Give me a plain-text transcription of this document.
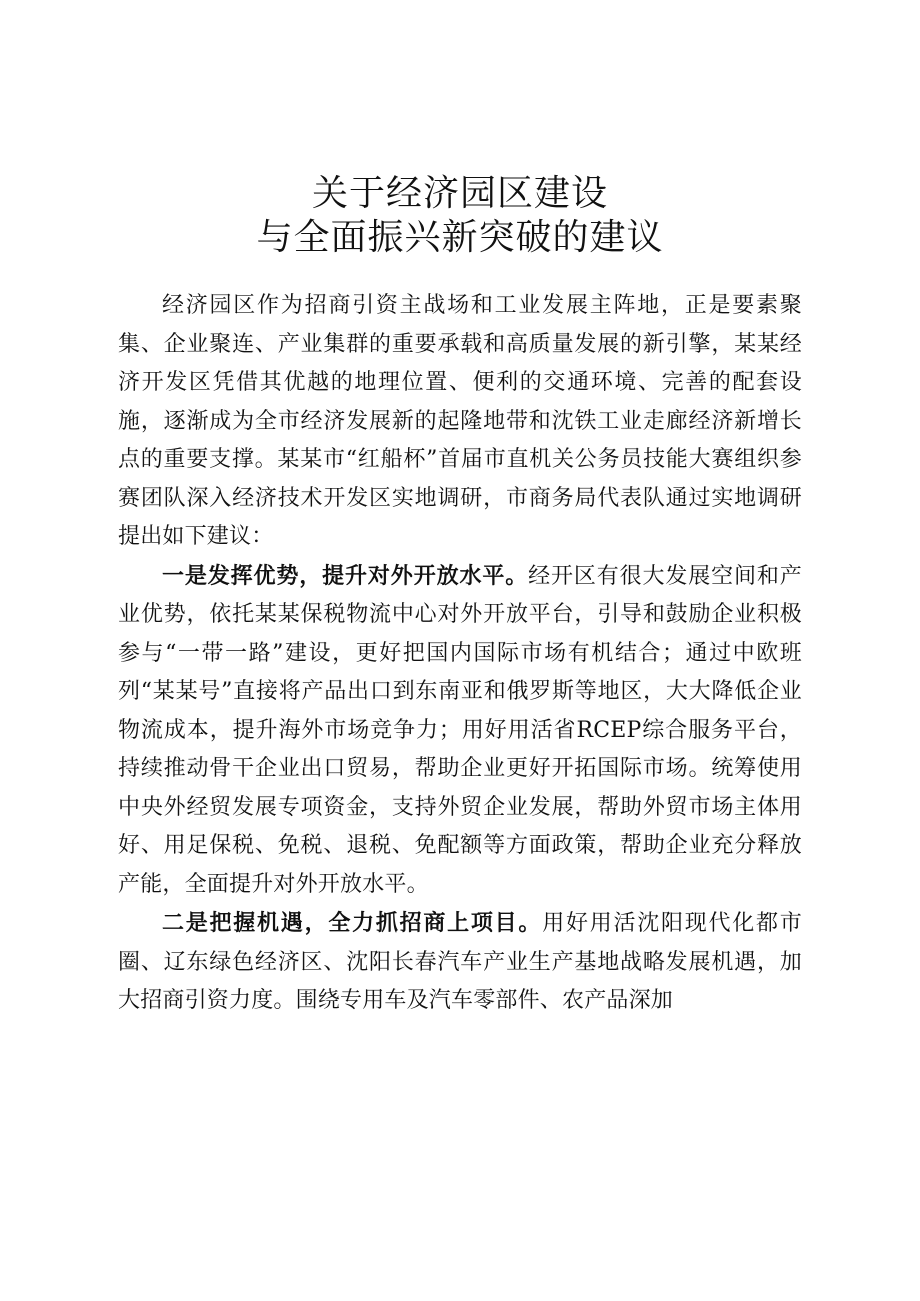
关于经济园区建设
与全面振兴新突破的建议

经济园区作为招商引资主战场和工业发展主阵地，正是要素聚集、企业聚连、产业集群的重要承载和高质量发展的新引擎，某某经济开发区凭借其优越的地理位置、便利的交通环境、完善的配套设施，逐渐成为全市经济发展新的起隆地带和沈铁工业走廊经济新增长点的重要支撑。某某市“红船杯”首届市直机关公务员技能大赛组织参赛团队深入经济技术开发区实地调研，市商务局代表队通过实地调研提出如下建议：

一是发挥优势，提升对外开放水平。经开区有很大发展空间和产业优势，依托某某保税物流中心对外开放平台，引导和鼓励企业积极参与“一带一路”建设，更好把国内国际市场有机结合；通过中欧班列“某某号”直接将产品出口到东南亚和俄罗斯等地区，大大降低企业物流成本，提升海外市场竞争力；用好用活省RCEP综合服务平台，持续推动骨干企业出口贸易，帮助企业更好开拓国际市场。统筹使用中央外经贸发展专项资金，支持外贸企业发展，帮助外贸市场主体用好、用足保税、免税、退税、免配额等方面政策，帮助企业充分释放产能，全面提升对外开放水平。

二是把握机遇，全力抓招商上项目。用好用活沈阳现代化都市圈、辽东绿色经济区、沈阳长春汽车产业生产基地战略发展机遇，加大招商引资力度。围绕专用车及汽车零部件、农产品深加
